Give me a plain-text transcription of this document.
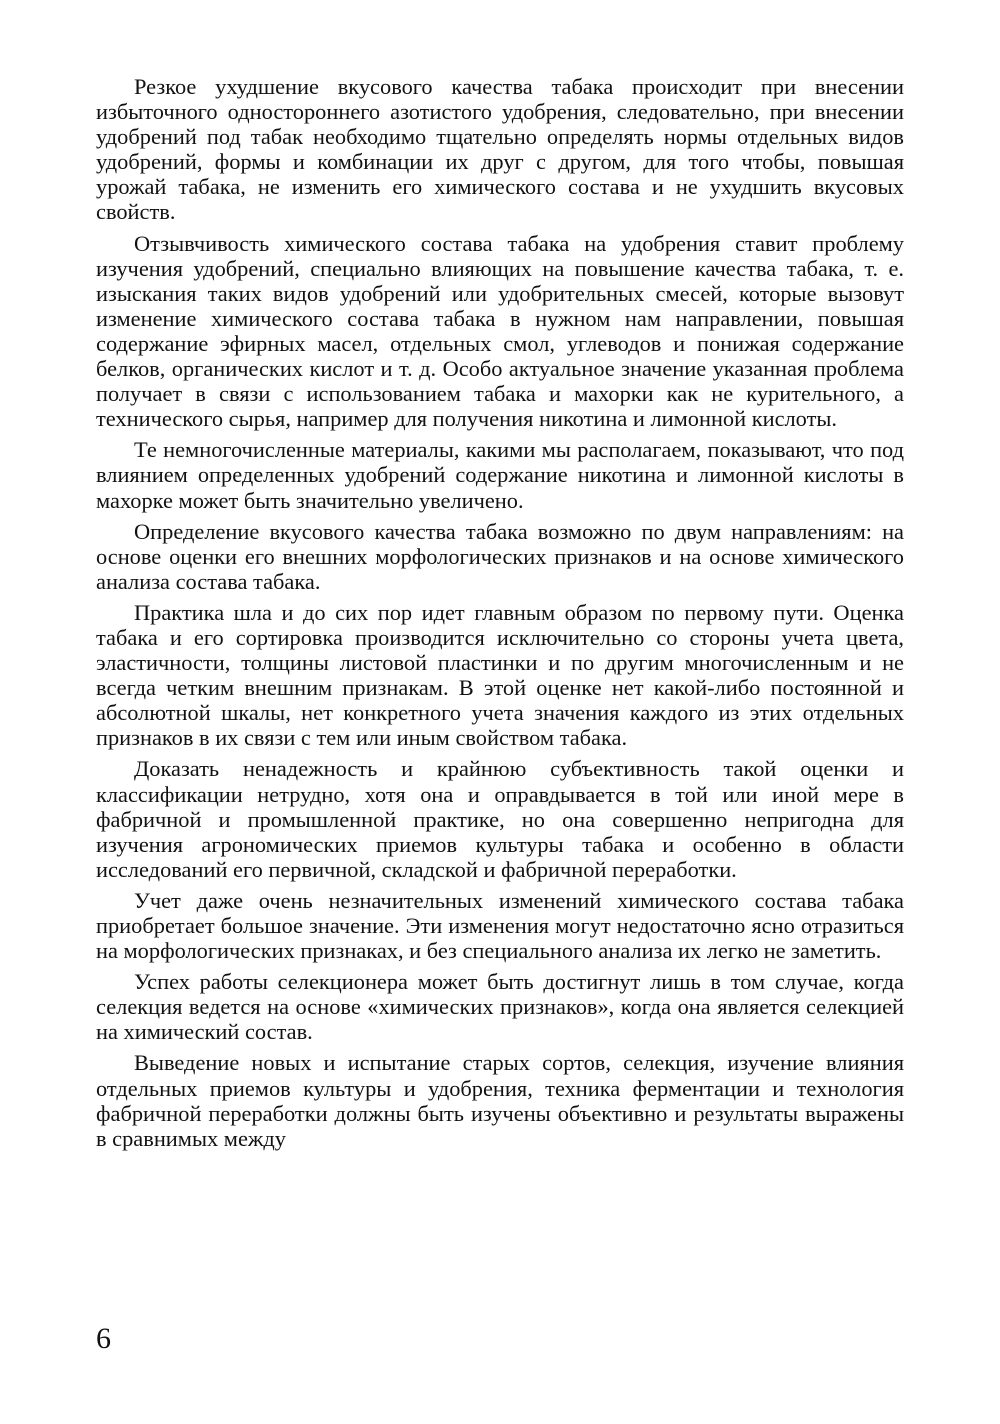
Резкое ухудшение вкусового качества табака происходит при внесении избыточного одностороннего азотистого удобрения, следовательно, при внесении удобрений под табак необходимо тщательно определять нормы отдельных видов удобрений, формы и комбинации их друг с другом, для того чтобы, повышая урожай табака, не изменить его химического состава и не ухудшить вкусовых свойств.

Отзывчивость химического состава табака на удобрения ставит проблему изучения удобрений, специально влияющих на повышение качества табака, т. е. изыскания таких видов удобрений или удобрительных смесей, которые вызовут изменение химического состава табака в нужном нам направлении, повышая содержание эфирных масел, отдельных смол, углеводов и понижая содержание белков, органических кислот и т. д. Особо актуальное значение указанная проблема получает в связи с использованием табака и махорки как не курительного, а технического сырья, например для получения никотина и лимонной кислоты.

Те немногочисленные материалы, какими мы располагаем, показывают, что под влиянием определенных удобрений содержание никотина и лимонной кислоты в махорке может быть значительно увеличено.

Определение вкусового качества табака возможно по двум направлениям: на основе оценки его внешних морфологических признаков и на основе химического анализа состава табака.

Практика шла и до сих пор идет главным образом по первому пути. Оценка табака и его сортировка производится исключительно со стороны учета цвета, эластичности, толщины листовой пластинки и по другим многочисленным и не всегда четким внешним признакам. В этой оценке нет какой-либо постоянной и абсолютной шкалы, нет конкретного учета значения каждого из этих отдельных признаков в их связи с тем или иным свойством табака.

Доказать ненадежность и крайнюю субъективность такой оценки и классификации нетрудно, хотя она и оправдывается в той или иной мере в фабричной и промышленной практике, но она совершенно непригодна для изучения агрономических приемов культуры табака и особенно в области исследований его первичной, складской и фабричной переработки.

Учет даже очень незначительных изменений химического состава табака приобретает большое значение. Эти изменения могут недостаточно ясно отразиться на морфологических признаках, и без специального анализа их легко не заметить.

Успех работы селекционера может быть достигнут лишь в том случае, когда селекция ведется на основе «химических признаков», когда она является селекцией на химический состав.

Выведение новых и испытание старых сортов, селекция, изучение влияния отдельных приемов культуры и удобрения, техника ферментации и технология фабричной переработки должны быть изучены объективно и результаты выражены в сравнимых между

6
